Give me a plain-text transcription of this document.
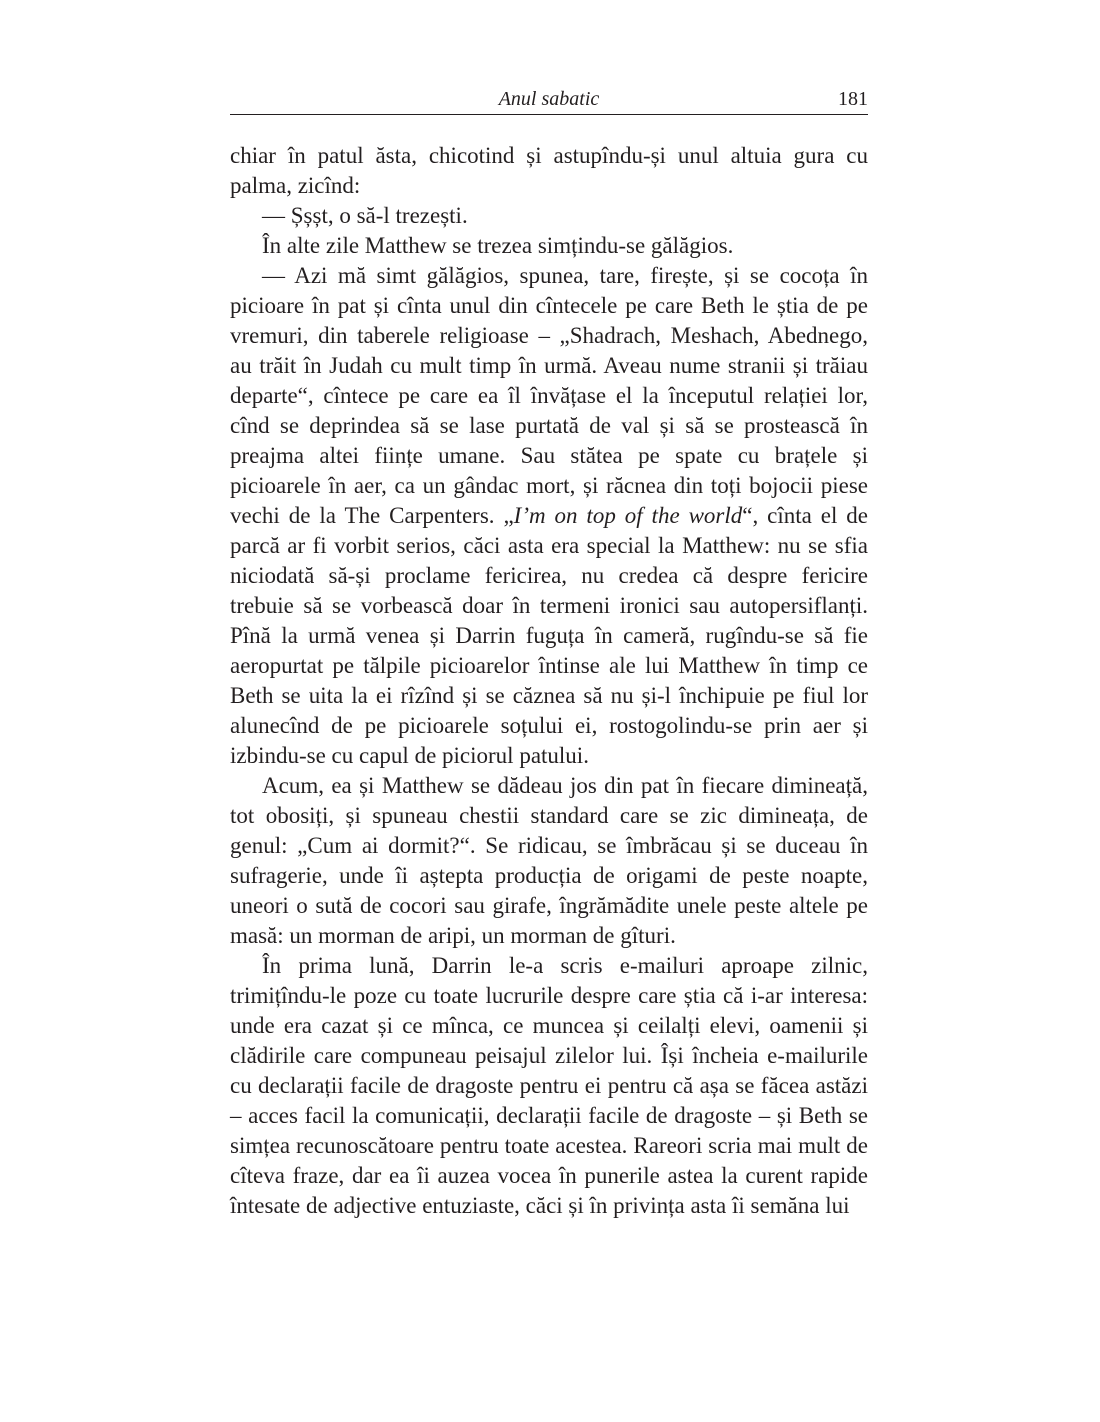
Anul sabatic	181

chiar în patul ăsta, chicotind și astupîndu-și unul altuia gura cu palma, zicînd:

— Șșșt, o să-l trezești.

În alte zile Matthew se trezea simțindu-se gălăgios.

— Azi mă simt gălăgios, spunea, tare, firește, și se cocoța în picioare în pat și cînta unul din cîntecele pe care Beth le știa de pe vremuri, din taberele religioase – „Shadrach, Meshach, Abednego, au trăit în Judah cu mult timp în urmă. Aveau nume stranii și trăiau departe“, cîntece pe care ea îl învățase el la începutul relației lor, cînd se deprindea să se lase purtată de val și să se prostească în preajma altei ființe umane. Sau stătea pe spate cu brațele și picioarele în aer, ca un gândac mort, și răcnea din toți bojocii piese vechi de la The Carpenters. „I’m on top of the world“, cînta el de parcă ar fi vorbit serios, căci asta era special la Matthew: nu se sfia niciodată să-și proclame fericirea, nu credea că despre fericire trebuie să se vorbească doar în termeni ironici sau autopersiflanți. Pînă la urmă venea și Darrin fuguța în cameră, rugîndu-se să fie aeropurtat pe tălpile picioarelor întinse ale lui Matthew în timp ce Beth se uita la ei rîzînd și se căznea să nu și-l închipuie pe fiul lor alunecînd de pe picioarele soțului ei, rostogolindu-se prin aer și izbindu-se cu capul de piciorul patului.

Acum, ea și Matthew se dădeau jos din pat în fiecare dimineață, tot obosiți, și spuneau chestii standard care se zic dimineața, de genul: „Cum ai dormit?“. Se ridicau, se îmbrăcau și se duceau în sufragerie, unde îi aștepta producția de origami de peste noapte, uneori o sută de cocori sau girafe, îngrămădite unele peste altele pe masă: un morman de aripi, un morman de gîturi.

În prima lună, Darrin le-a scris e-mailuri aproape zilnic, trimițîndu-le poze cu toate lucrurile despre care știa că i-ar interesa: unde era cazat și ce mînca, ce muncea și ceilalți elevi, oamenii și clădirile care compuneau peisajul zilelor lui. Își încheia e-mailurile cu declarații facile de dragoste pentru ei pentru că așa se făcea astăzi – acces facil la comunicații, declarații facile de dragoste – și Beth se simțea recunoscătoare pentru toate acestea. Rareori scria mai mult de cîteva fraze, dar ea îi auzea vocea în punerile astea la curent rapide întesate de adjective entuziaste, căci și în privința asta îi semăna lui
